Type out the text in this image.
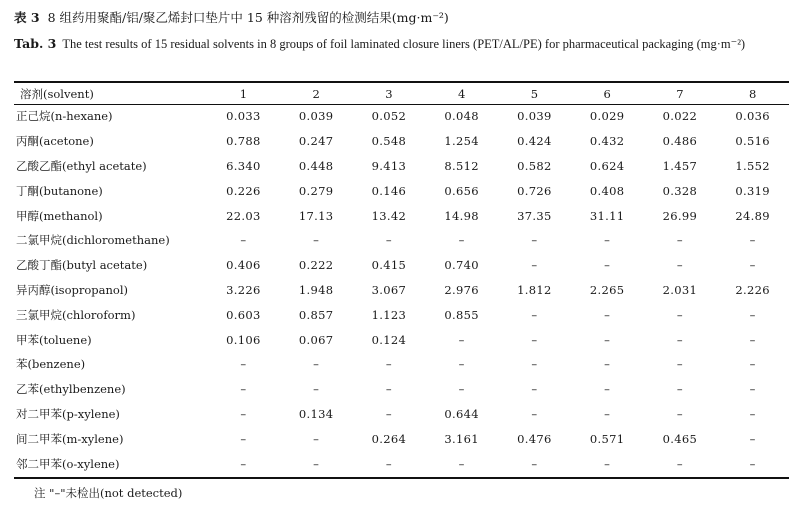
表 3 8 组药用聚酯/铝/聚乙烯封口垫片中 15 种溶剂残留的检测结果(mg·m⁻²)
Tab. 3 The test results of 15 residual solvents in 8 groups of foil laminated closure liners (PET/AL/PE) for pharmaceutical packaging (mg·m⁻²)
溶剂(solvent)	1	2	3	4	5	6	7	8
正己烷(n-hexane)	0.033	0.039	0.052	0.048	0.039	0.029	0.022	0.036
丙酮(acetone)	0.788	0.247	0.548	1.254	0.424	0.432	0.486	0.516
乙酸乙酯(ethyl acetate)	6.340	0.448	9.413	8.512	0.582	0.624	1.457	1.552
丁酮(butanone)	0.226	0.279	0.146	0.656	0.726	0.408	0.328	0.319
甲醇(methanol)	22.03	17.13	13.42	14.98	37.35	31.11	26.99	24.89
二氯甲烷(dichloromethane)	–	–	–	–	–	–	–	–
乙酸丁酯(butyl acetate)	0.406	0.222	0.415	0.740	–	–	–	–
异丙醇(isopropanol)	3.226	1.948	3.067	2.976	1.812	2.265	2.031	2.226
三氯甲烷(chloroform)	0.603	0.857	1.123	0.855	–	–	–	–
甲苯(toluene)	0.106	0.067	0.124	–	–	–	–	–
苯(benzene)	–	–	–	–	–	–	–	–
乙苯(ethylbenzene)	–	–	–	–	–	–	–	–
对二甲苯(p-xylene)	–	0.134	–	0.644	–	–	–	–
间二甲苯(m-xylene)	–	–	0.264	3.161	0.476	0.571	0.465	–
邻二甲苯(o-xylene)	–	–	–	–	–	–	–	–
注 "–"未检出(not detected)
